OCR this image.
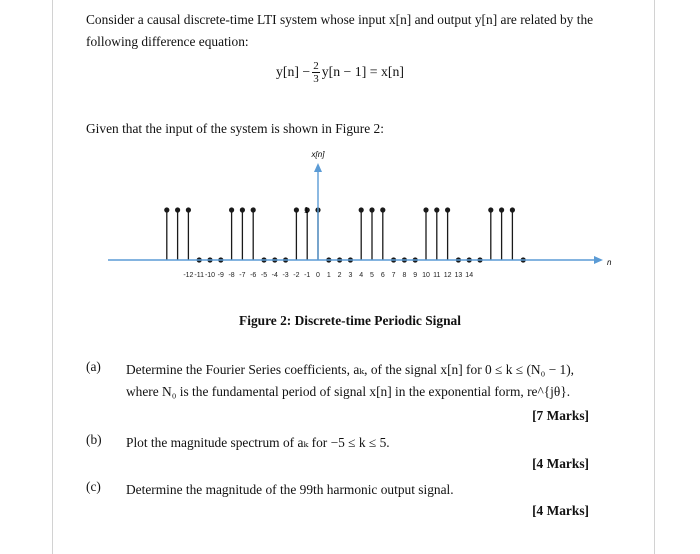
Consider a causal discrete-time LTI system whose input x[n] and output y[n] are related by the
following difference equation:
$y[n] - \frac{2}{3} y[n - 1] = x[n]$
Given that the input of the system is shown in Figure 2:
x[n]
n
1
-12 -11 -10 -9 -8 -7 -6 -5 -4 -3 -2 -1 0 1 2 3 4 5 6 7 8 9 10 11 12 13 14
Figure 2: Discrete-time Periodic Signal
(a) Determine the Fourier Series coefficients, aₖ, of the signal x[n] for 0 ≤ k ≤ (N₀ − 1),
where N₀ is the fundamental period of signal x[n] in the exponential form, re^{jθ}.
[7 Marks]
(b) Plot the magnitude spectrum of aₖ for −5 ≤ k ≤ 5.
[4 Marks]
(c) Determine the magnitude of the 99th harmonic output signal.
[4 Marks]
